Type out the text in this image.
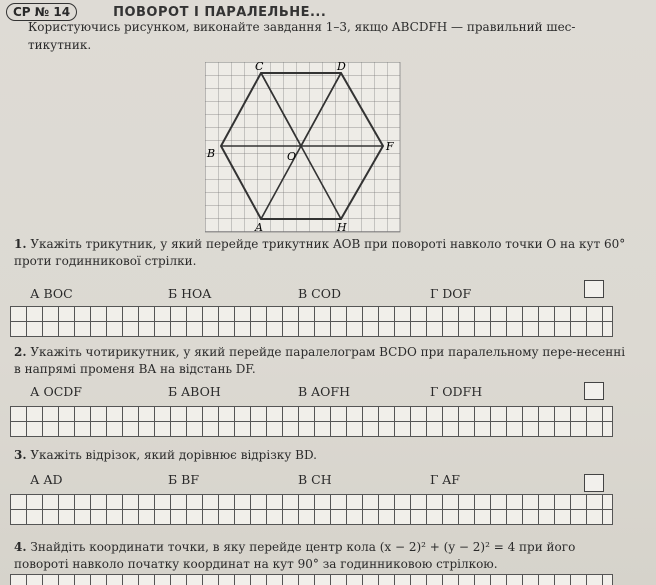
СР № 14	ПОВОРОТ І ПАРАЛЕЛЬНЕ...
Користуючись рисунком, виконайте завдання 1–3, якщо ABCDFH — правильний шес-тикутник.
C	D
B	O
F
A	H
1. Укажіть трикутник, у який перейде трикутник AOB при повороті навколо точки O на кут 60° проти годинникової стрілки.
А BOC	Б HOA	В COD	Г DOF
2. Укажіть чотирикутник, у який перейде паралелограм BCDO при паралельному пере-несенні в напрямі променя BA на відстань DF.
А OCDF	Б ABOH	В AOFH	Г ODFH
3. Укажіть відрізок, який дорівнює відрізку BD.
А AD	Б BF	В CH	Г AF
4. Знайдіть координати точки, в яку перейде центр кола (x − 2)² + (y − 2)² = 4 при його повороті навколо початку координат на кут 90° за годинниковою стрілкою.
